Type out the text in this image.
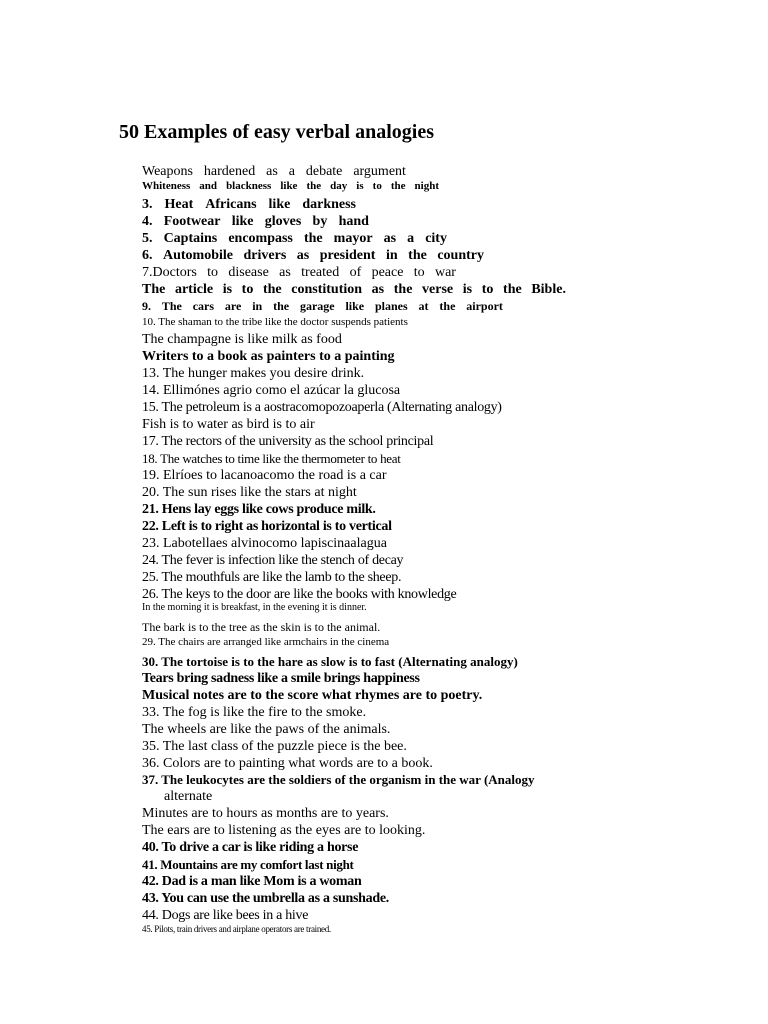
50 Examples of easy verbal analogies
Weapons hardened as a debate argument
Whiteness and blackness like the day is to the night
3. Heat Africans like darkness
4. Footwear like gloves by hand
5. Captains encompass the mayor as a city
6. Automobile drivers as president in the country
7.Doctors to disease as treated of peace to war
The article is to the constitution as the verse is to the Bible.
9. The cars are in the garage like planes at the airport
10. The shaman to the tribe like the doctor suspends patients
The champagne is like milk as food
Writers to a book as painters to a painting
13. The hunger makes you desire drink.
14. Ellimónes agrio como el azúcar la glucosa
15. The petroleum is a aostracomopozoaperla (Alternating analogy)
Fish is to water as bird is to air
17. The rectors of the university as the school principal
18. The watches to time like the thermometer to heat
19. Elríoes to lacanoacomo the road is a car
20. The sun rises like the stars at night
21. Hens lay eggs like cows produce milk.
22. Left is to right as horizontal is to vertical
23. Labotellaes alvinocomo lapiscinaalagua
24. The fever is infection like the stench of decay
25. The mouthfuls are like the lamb to the sheep.
26. The keys to the door are like the books with knowledge
In the morning it is breakfast, in the evening it is dinner.
The bark is to the tree as the skin is to the animal.
29. The chairs are arranged like armchairs in the cinema
30. The tortoise is to the hare as slow is to fast (Alternating analogy)
Tears bring sadness like a smile brings happiness
Musical notes are to the score what rhymes are to poetry.
33. The fog is like the fire to the smoke.
The wheels are like the paws of the animals.
35. The last class of the puzzle piece is the bee.
36. Colors are to painting what words are to a book.
37. The leukocytes are the soldiers of the organism in the war (Analogy
alternate
Minutes are to hours as months are to years.
The ears are to listening as the eyes are to looking.
40. To drive a car is like riding a horse
41. Mountains are my comfort last night
42. Dad is a man like Mom is a woman
43. You can use the umbrella as a sunshade.
44. Dogs are like bees in a hive
45. Pilots, train drivers and airplane operators are trained.
